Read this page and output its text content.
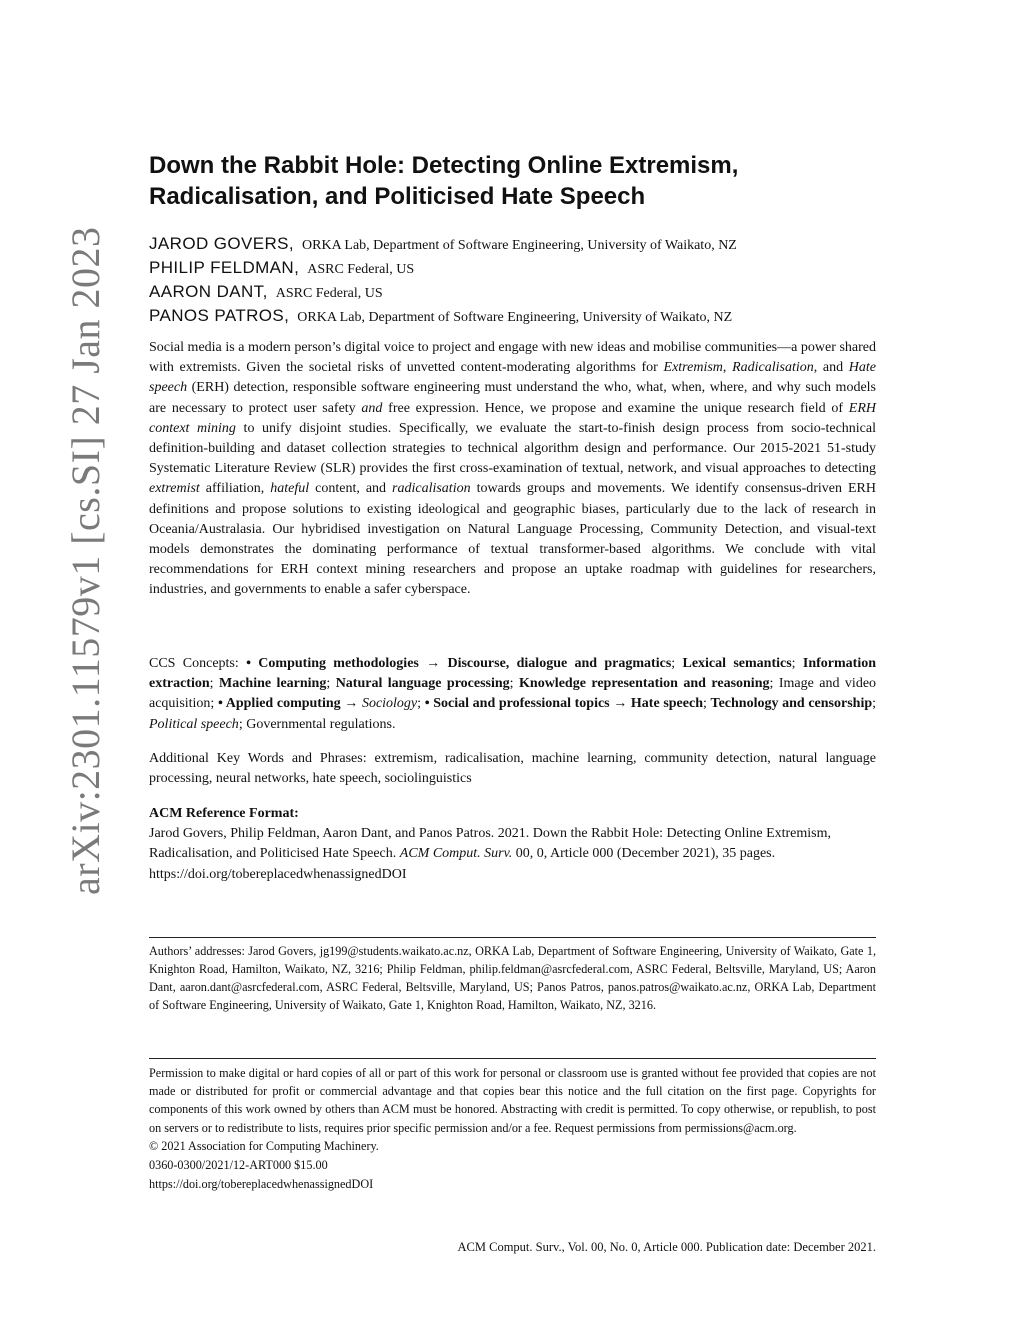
arXiv:2301.11579v1 [cs.SI] 27 Jan 2023
Down the Rabbit Hole: Detecting Online Extremism,
Radicalisation, and Politicised Hate Speech
JAROD GOVERS, ORKA Lab, Department of Software Engineering, University of Waikato, NZ
PHILIP FELDMAN, ASRC Federal, US
AARON DANT, ASRC Federal, US
PANOS PATROS, ORKA Lab, Department of Software Engineering, University of Waikato, NZ

Social media is a modern person’s digital voice to project and engage with new ideas and mobilise communities—a power shared with extremists. Given the societal risks of unvetted content-moderating algorithms for Extremism, Radicalisation, and Hate speech (ERH) detection, responsible software engineering must understand the who, what, when, where, and why such models are necessary to protect user safety and free expression. Hence, we propose and examine the unique research field of ERH context mining to unify disjoint studies. Specifically, we evaluate the start-to-finish design process from socio-technical definition-building and dataset collection strategies to technical algorithm design and performance. Our 2015-2021 51-study Systematic Literature Review (SLR) provides the first cross-examination of textual, network, and visual approaches to detecting extremist affiliation, hateful content, and radicalisation towards groups and movements. We identify consensus-driven ERH definitions and propose solutions to existing ideological and geographic biases, particularly due to the lack of research in Oceania/Australasia. Our hybridised investigation on Natural Language Processing, Community Detection, and visual-text models demonstrates the dominating performance of textual transformer-based algorithms. We conclude with vital recommendations for ERH context mining researchers and propose an uptake roadmap with guidelines for researchers, industries, and governments to enable a safer cyberspace.

CCS Concepts: • Computing methodologies → Discourse, dialogue and pragmatics; Lexical semantics; Information extraction; Machine learning; Natural language processing; Knowledge representation and reasoning; Image and video acquisition; • Applied computing → Sociology; • Social and professional topics → Hate speech; Technology and censorship; Political speech; Governmental regulations.

Additional Key Words and Phrases: extremism, radicalisation, machine learning, community detection, natural language processing, neural networks, hate speech, sociolinguistics

ACM Reference Format:

Jarod Govers, Philip Feldman, Aaron Dant, and Panos Patros. 2021. Down the Rabbit Hole: Detecting Online Extremism, Radicalisation, and Politicised Hate Speech. ACM Comput. Surv. 00, 0, Article 000 (December 2021), 35 pages. https://doi.org/tobereplacedwhenassignedDOI

Authors’ addresses: Jarod Govers, jg199@students.waikato.ac.nz, ORKA Lab, Department of Software Engineering, University of Waikato, Gate 1, Knighton Road, Hamilton, Waikato, NZ, 3216; Philip Feldman, philip.feldman@asrcfederal.com, ASRC Federal, Beltsville, Maryland, US; Aaron Dant, aaron.dant@asrcfederal.com, ASRC Federal, Beltsville, Maryland, US; Panos Patros, panos.patros@waikato.ac.nz, ORKA Lab, Department of Software Engineering, University of Waikato, Gate 1, Knighton Road, Hamilton, Waikato, NZ, 3216.

Permission to make digital or hard copies of all or part of this work for personal or classroom use is granted without fee provided that copies are not made or distributed for profit or commercial advantage and that copies bear this notice and the full citation on the first page. Copyrights for components of this work owned by others than ACM must be honored. Abstracting with credit is permitted. To copy otherwise, or republish, to post on servers or to redistribute to lists, requires prior specific permission and/or a fee. Request permissions from permissions@acm.org.

© 2021 Association for Computing Machinery.
0360-0300/2021/12-ART000 $15.00
https://doi.org/tobereplacedwhenassignedDOI
ACM Comput. Surv., Vol. 00, No. 0, Article 000. Publication date: December 2021.
